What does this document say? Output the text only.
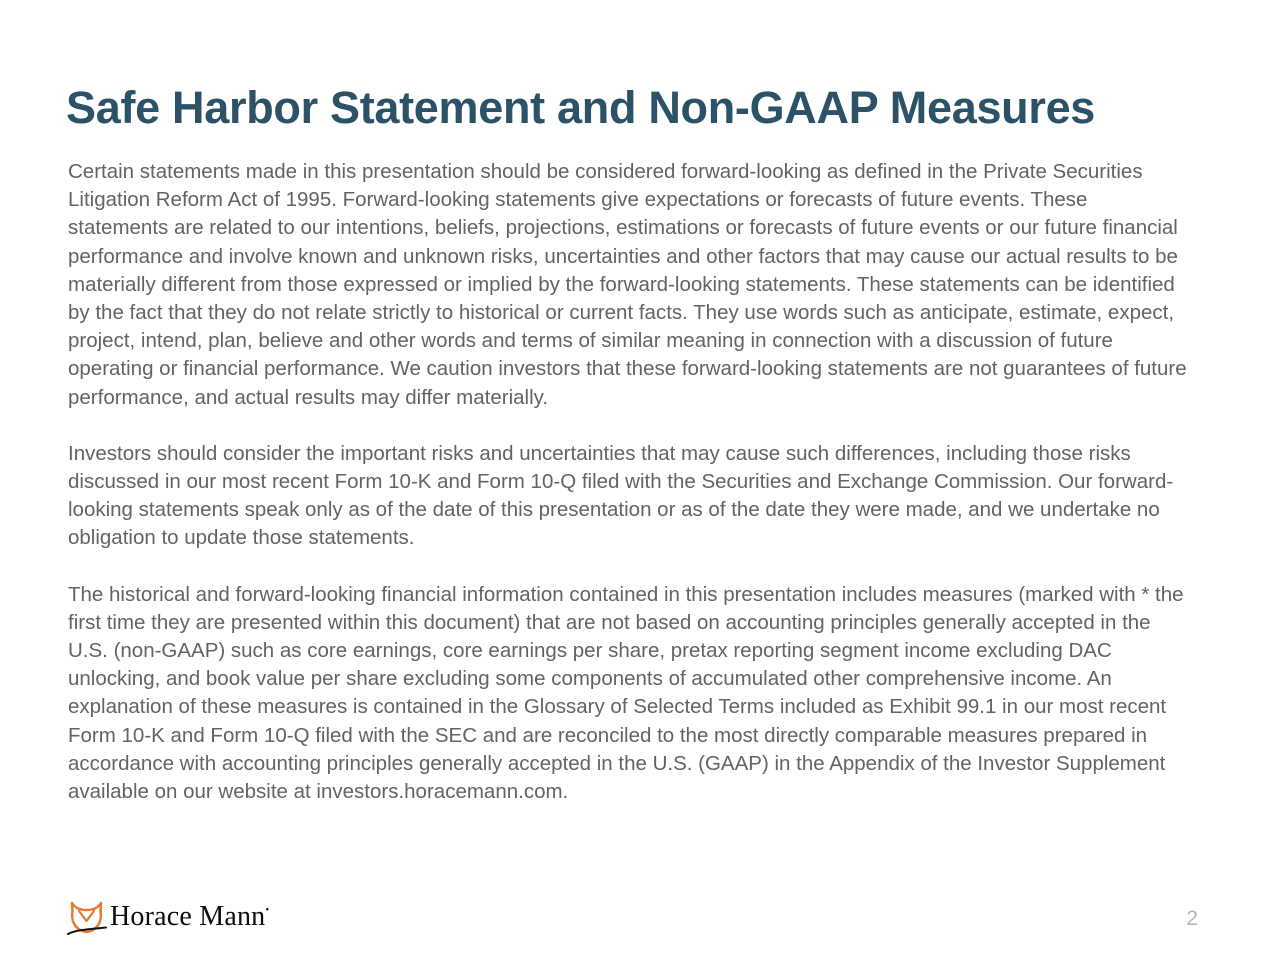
Safe Harbor Statement and Non-GAAP Measures

Certain statements made in this presentation should be considered forward-looking as defined in the Private Securities Litigation Reform Act of 1995. Forward-looking statements give expectations or forecasts of future events. These statements are related to our intentions, beliefs, projections, estimations or forecasts of future events or our future financial performance and involve known and unknown risks, uncertainties and other factors that may cause our actual results to be materially different from those expressed or implied by the forward-looking statements. These statements can be identified by the fact that they do not relate strictly to historical or current facts. They use words such as anticipate, estimate, expect, project, intend, plan, believe and other words and terms of similar meaning in connection with a discussion of future operating or financial performance. We caution investors that these forward-looking statements are not guarantees of future performance, and actual results may differ materially.

Investors should consider the important risks and uncertainties that may cause such differences, including those risks discussed in our most recent Form 10-K and Form 10-Q filed with the Securities and Exchange Commission. Our forward-looking statements speak only as of the date of this presentation or as of the date they were made, and we undertake no obligation to update those statements.

The historical and forward-looking financial information contained in this presentation includes measures (marked with * the first time they are presented within this document) that are not based on accounting principles generally accepted in the  U.S. (non-GAAP) such as core earnings, core earnings per share, pretax reporting segment income excluding DAC unlocking, and book value per share excluding some components of accumulated other comprehensive income. An explanation of these measures is contained in the Glossary of Selected Terms included as Exhibit 99.1 in our most recent Form 10-K and Form 10-Q filed with the SEC and are reconciled to the most directly comparable measures prepared in accordance with accounting principles generally accepted in the U.S. (GAAP) in the Appendix of the Investor Supplement available on our website at investors.horacemann.com.

Horace Mann•	2
